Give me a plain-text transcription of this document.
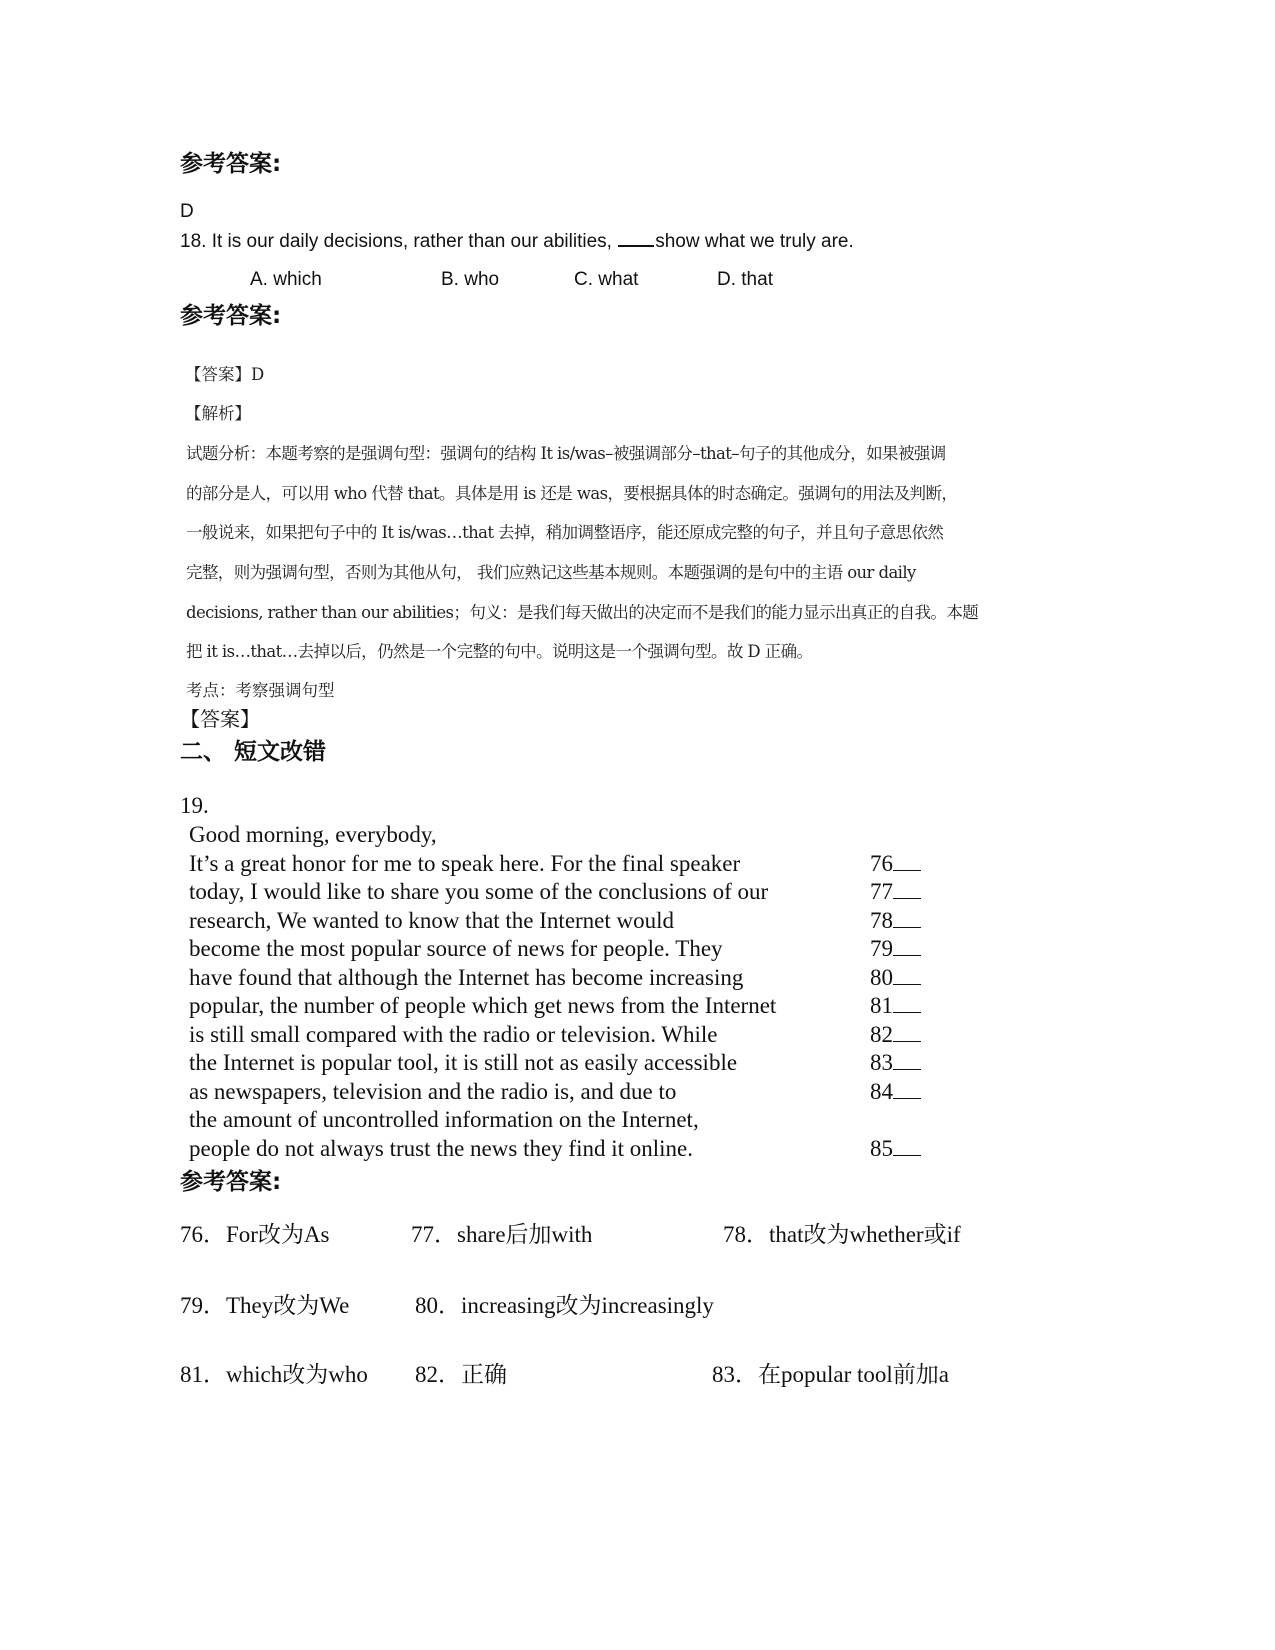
参考答案:
D
18. It is our daily decisions, rather than our abilities, show what we truly are.
A. which	B. who	C. what	D. that
参考答案:
【答案】D
【解析】
试题分析：本题考察的是强调句型：强调句的结构 It is/was–被强调部分–that–句子的其他成分，如果被强调
的部分是人，可以用 who 代替 that。具体是用 is 还是 was，要根据具体的时态确定。强调句的用法及判断，
一般说来，如果把句子中的 It is/was…that 去掉，稍加调整语序，能还原成完整的句子，并且句子意思依然
完整，则为强调句型，否则为其他从句， 我们应熟记这些基本规则。本题强调的是句中的主语 our daily
decisions, rather than our abilities；句义：是我们每天做出的决定而不是我们的能力显示出真正的自我。本题
把 it is…that…去掉以后，仍然是一个完整的句中。说明这是一个强调句型。故 D 正确。
考点：考察强调句型
【答案】
二、 短文改错
19.
Good morning, everybody,
It’s a great honor for me to speak here. For the final speaker	76
today, I would like to share you some of the conclusions of our	77
research, We wanted to know that the Internet would	78
become the most popular source of news for people. They	79
have found that although the Internet has become increasing	80
popular, the number of people which get news from the Internet	81
is still small compared with the radio or television. While	82
the Internet is popular tool, it is still not as easily accessible	83
as newspapers, television and the radio is, and due to	84
the amount of uncontrolled information on the Internet,
people do not always trust the news they find it online.	85
参考答案:
76．For改为As	77．share后加with	78．that改为whether或if
79．They改为We	80．increasing改为increasingly
81．which改为who 82．正确	83．在popular tool前加a
